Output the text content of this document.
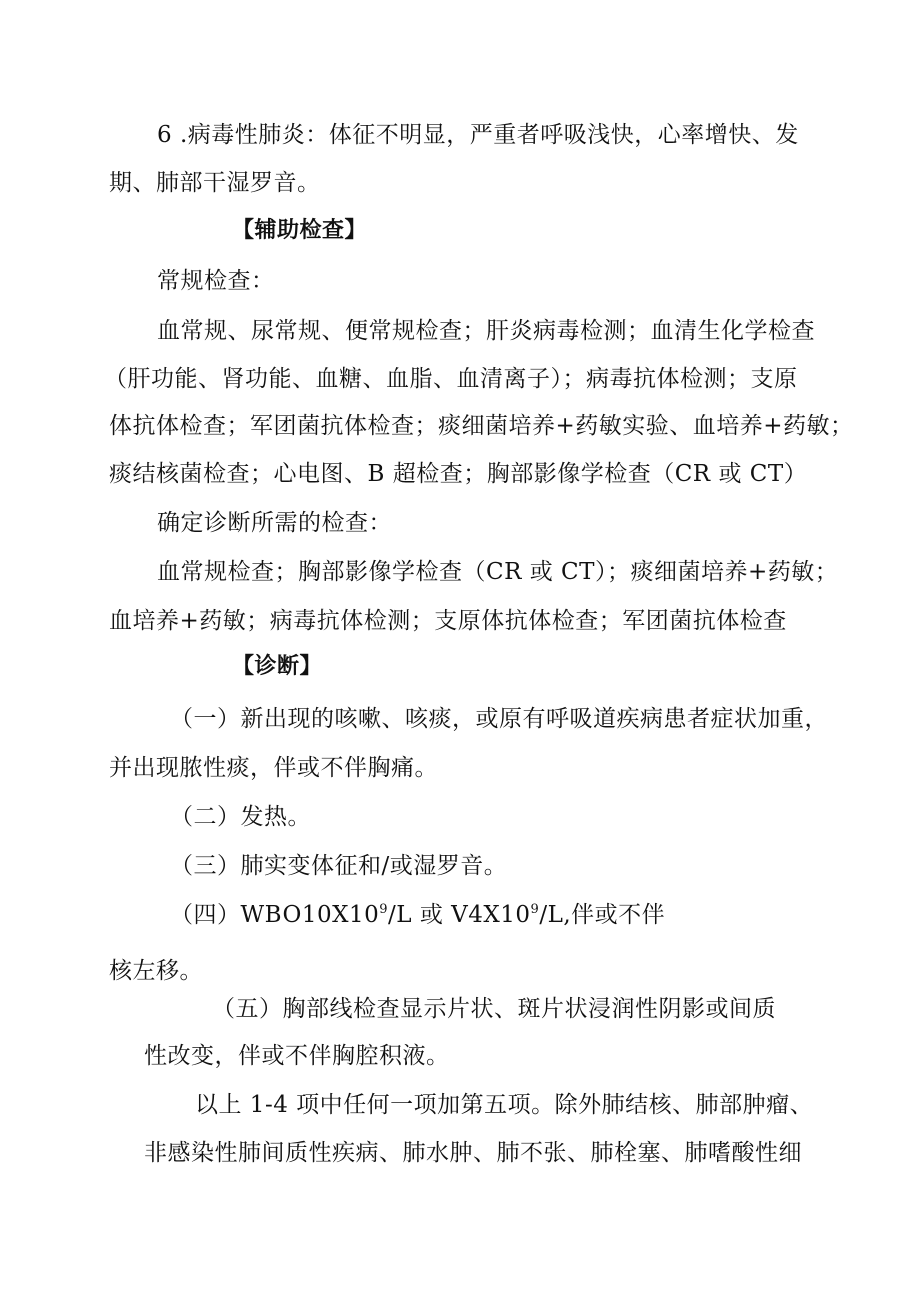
6 .病毒性肺炎：体征不明显，严重者呼吸浅快，心率增快、发
期、肺部干湿罗音。
【辅助检查】
常规检查：
血常规、尿常规、便常规检查；肝炎病毒检测；血清生化学检查
（肝功能、肾功能、血糖、血脂、血清离子）；病毒抗体检测；支原
体抗体检查；军团菌抗体检查；痰细菌培养+药敏实验、血培养+药敏；
痰结核菌检查；心电图、B 超检查；胸部影像学检查（CR 或 CT）
确定诊断所需的检查：
血常规检查；胸部影像学检查（CR 或 CT）；痰细菌培养+药敏；
血培养+药敏；病毒抗体检测；支原体抗体检查；军团菌抗体检查
【诊断】
（一）新出现的咳嗽、咳痰，或原有呼吸道疾病患者症状加重，
并出现脓性痰，伴或不伴胸痛。
（二）发热。
（三）肺实变体征和/或湿罗音。
（四）$WBO10X10^9/L$ 或 $V4X10^9/L$,伴或不伴
核左移。
（五）胸部线检查显示片状、斑片状浸润性阴影或间质
性改变，伴或不伴胸腔积液。
以上 1-4 项中任何一项加第五项。除外肺结核、肺部肿瘤、
非感染性肺间质性疾病、肺水肿、肺不张、肺栓塞、肺嗜酸性细
